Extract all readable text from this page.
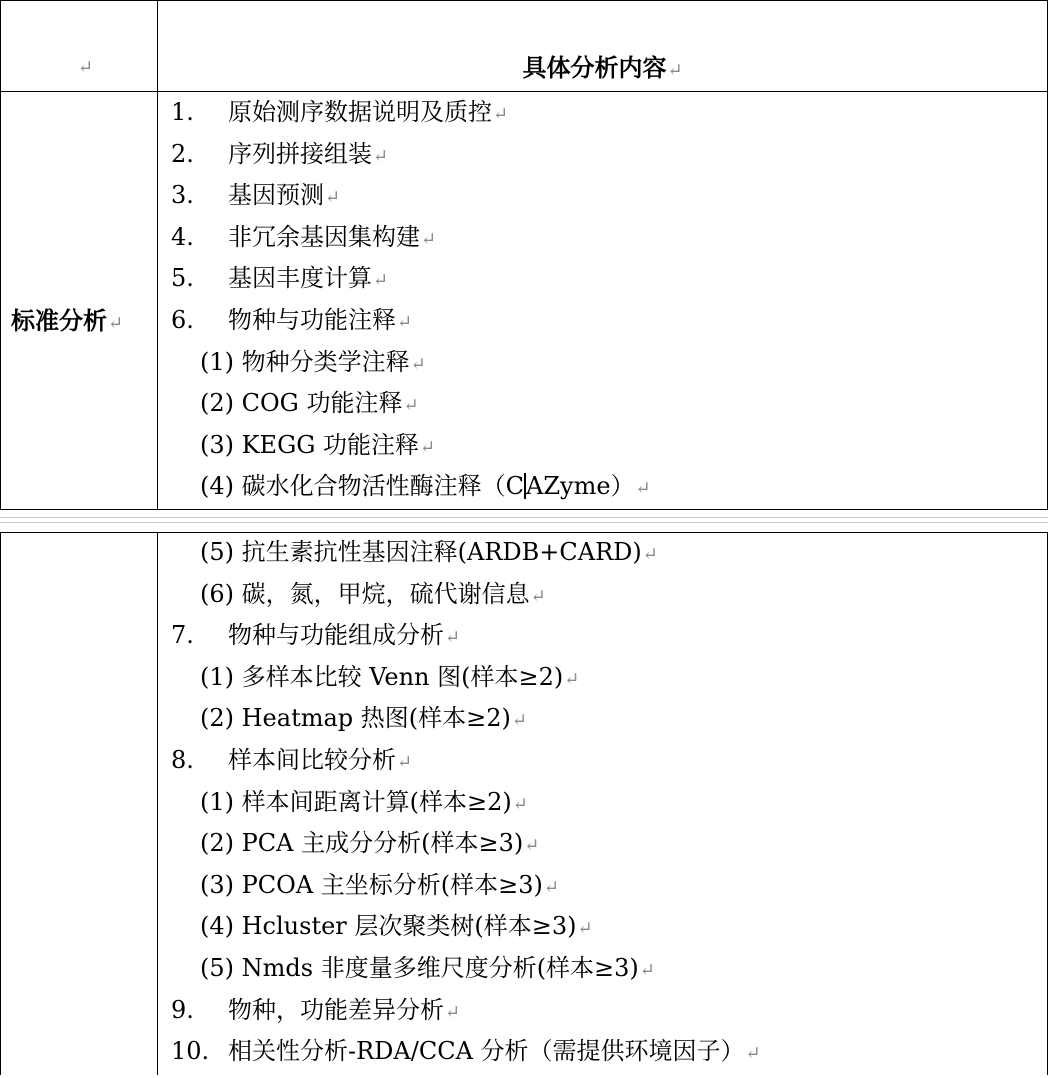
↵	具体分析内容↵
标准分析↵
1. 原始测序数据说明及质控↵
2. 序列拼接组装↵
3. 基因预测↵
4. 非冗余基因集构建↵
5. 基因丰度计算↵
6. 物种与功能注释↵
(1) 物种分类学注释↵
(2) COG 功能注释↵
(3) KEGG 功能注释↵
(4) 碳水化合物活性酶注释（CAZyme）↵
(5) 抗生素抗性基因注释(ARDB+CARD)↵
(6) 碳，氮，甲烷，硫代谢信息↵
7. 物种与功能组成分析↵
(1) 多样本比较 Venn 图(样本≥2)↵
(2) Heatmap 热图(样本≥2)↵
8. 样本间比较分析↵
(1) 样本间距离计算(样本≥2)↵
(2) PCA 主成分分析(样本≥3)↵
(3) PCOA 主坐标分析(样本≥3)↵
(4) Hcluster 层次聚类树(样本≥3)↵
(5) Nmds 非度量多维尺度分析(样本≥3)↵
9. 物种，功能差异分析↵
10. 相关性分析-RDA/CCA 分析（需提供环境因子）↵
